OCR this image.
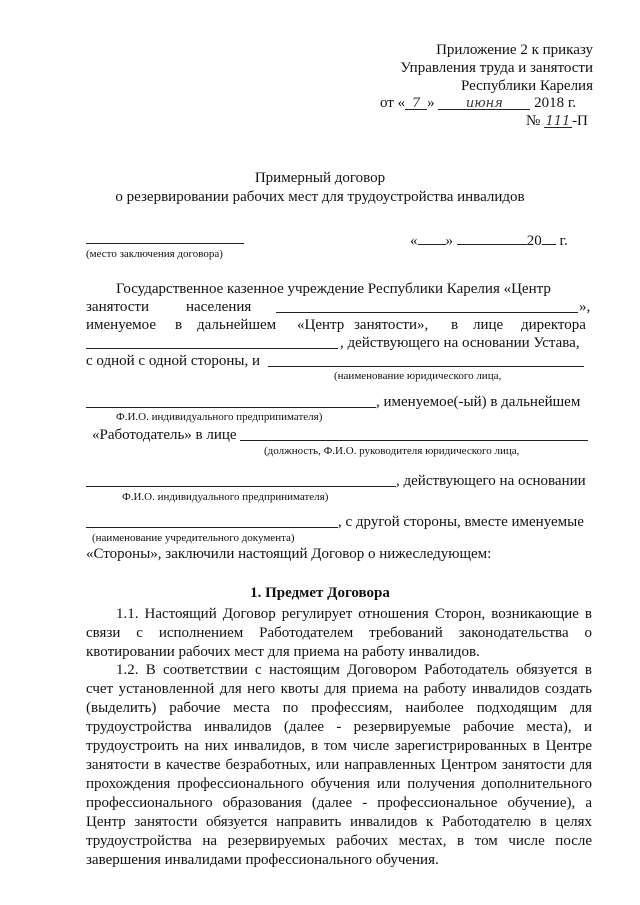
Приложение 2 к приказу
Управления труда и занятости
Республики Карелия
от « 7 » июня 2018 г.
№ 111 -П
Примерный договор
о резервировании рабочих мест для трудоустройства инвалидов
(место заключения договора)
« »	20 г.
Государственное казенное учреждение Республики Карелия «Центр
занятости населения	»,
именуемое в дальнейшем «Центр занятости», в лице директора
, действующего на основании Устава,
с одной с одной стороны, и
(наименование юридического лица,
, именуемое(-ый) в дальнейшем
Ф.И.О. индивидуального предприпимателя)
«Работодатель» в лице
(должность, Ф.И.О. руководителя юридического лица,
, действующего на основании
Ф.И.О. индивидуального предпринимателя)
, с другой стороны, вместе именуемые
(наименование учредительного документа)
«Стороны», заключили настоящий Договор о нижеследующем:
1. Предмет Договора
1.1. Настоящий Договор регулирует отношения Сторон, возникающие в связи с исполнением Работодателем требований законодательства о квотировании рабочих мест для приема на работу инвалидов.
1.2. В соответствии с настоящим Договором Работодатель обязуется в счет установленной для него квоты для приема на работу инвалидов создать (выделить) рабочие места по профессиям, наиболее подходящим для трудоустройства инвалидов (далее - резервируемые рабочие места), и трудоустроить на них инвалидов, в том числе зарегистрированных в Центре занятости в качестве безработных, или направленных Центром занятости для прохождения профессионального обучения или получения дополнительного профессионального образования (далее - профессиональное обучение), а Центр занятости обязуется направить инвалидов к Работодателю в целях трудоустройства на резервируемых рабочих местах, в том числе после завершения инвалидами профессионального обучения.
